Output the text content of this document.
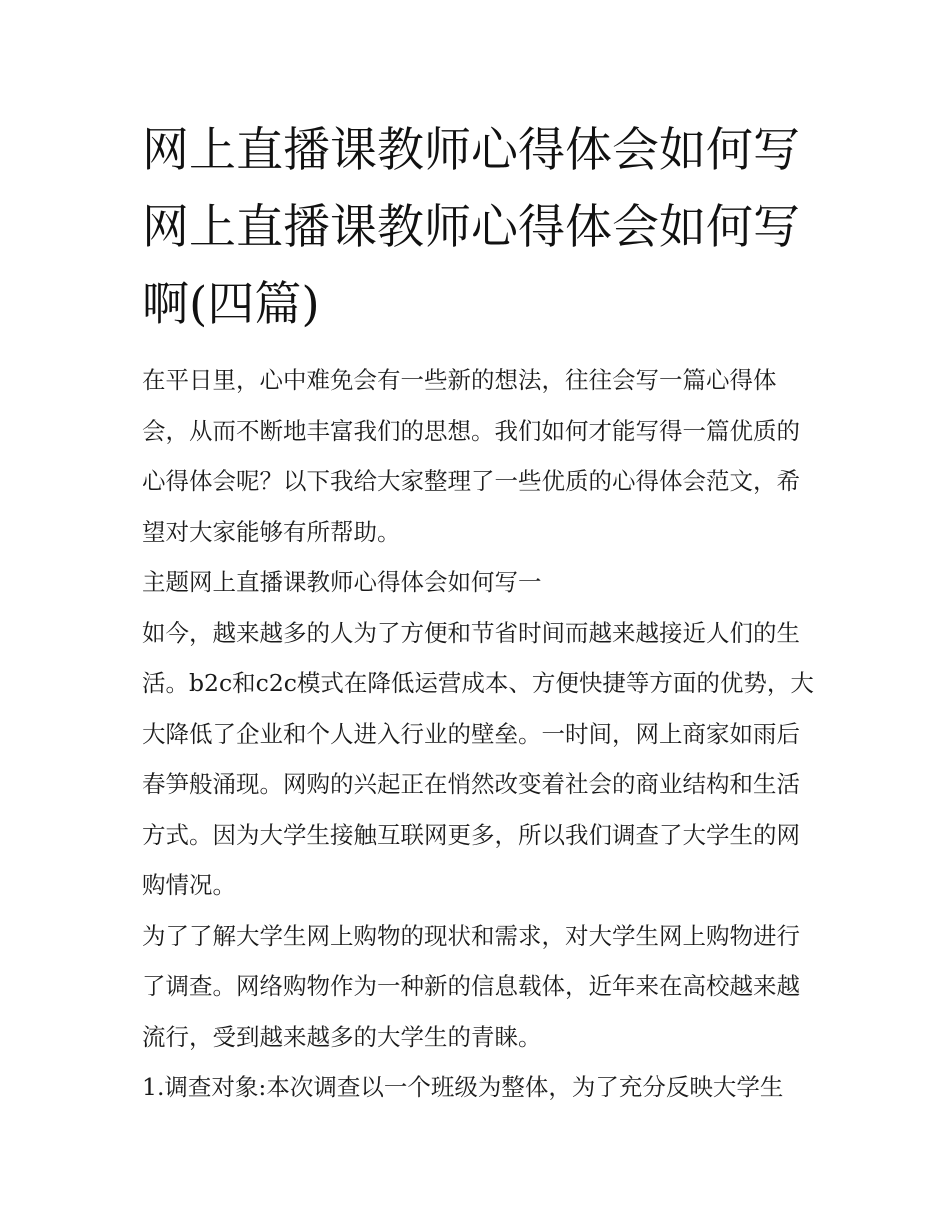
网上直播课教师心得体会如何写 网上直播课教师心得体会如何写啊(四篇)

在平日里，心中难免会有一些新的想法，往往会写一篇心得体会，从而不断地丰富我们的思想。我们如何才能写得一篇优质的心得体会呢？以下我给大家整理了一些优质的心得体会范文，希望对大家能够有所帮助。

主题网上直播课教师心得体会如何写一

如今，越来越多的人为了方便和节省时间而越来越接近人们的生活。b2c和c2c模式在降低运营成本、方便快捷等方面的优势，大大降低了企业和个人进入行业的壁垒。一时间，网上商家如雨后春笋般涌现。网购的兴起正在悄然改变着社会的商业结构和生活方式。因为大学生接触互联网更多，所以我们调查了大学生的网购情况。

为了了解大学生网上购物的现状和需求，对大学生网上购物进行了调查。网络购物作为一种新的信息载体，近年来在高校越来越流行，受到越来越多的大学生的青睐。

1.调查对象:本次调查以一个班级为整体，为了充分反映大学生
